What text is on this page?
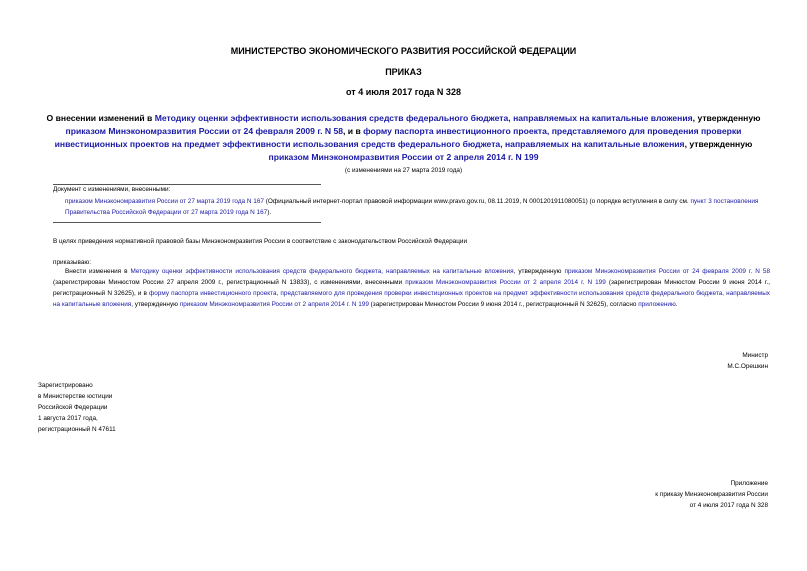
МИНИСТЕРСТВО ЭКОНОМИЧЕСКОГО РАЗВИТИЯ РОССИЙСКОЙ ФЕДЕРАЦИИ
ПРИКАЗ
от 4 июля 2017 года N 328
О внесении изменений в Методику оценки эффективности использования средств федерального бюджета, направляемых на капитальные вложения, утвержденную приказом Минэкономразвития России от 24 февраля 2009 г. N 58, и в форму паспорта инвестиционного проекта, представляемого для проведения проверки инвестиционных проектов на предмет эффективности использования средств федерального бюджета, направляемых на капитальные вложения, утвержденную приказом Минэкономразвития России от 2 апреля 2014 г. N 199
(с изменениями на 27 марта 2019 года)
Документ с изменениями, внесенными:
приказом Минэкономразвития России от 27 марта 2019 года N 167 (Официальный интернет-портал правовой информации www.pravo.gov.ru, 08.11.2019, N 0001201911080051) (о порядке вступления в силу см. пункт 3 постановления Правительства Российской Федерации от 27 марта 2019 года N 167).
В целях приведения нормативной правовой базы Минэкономразвития России в соответствие с законодательством Российской Федерации
приказываю:
Внести изменения в Методику оценки эффективности использования средств федерального бюджета, направляемых на капитальные вложения, утвержденную приказом Минэкономразвития России от 24 февраля 2009 г. N 58 (зарегистрирован Минюстом России 27 апреля 2009 г., регистрационный N 13833), с изменениями, внесенными приказом Минэкономразвития России от 2 апреля 2014 г. N 199 (зарегистрирован Минюстом России 9 июня 2014 г., регистрационный N 32625), и в форму паспорта инвестиционного проекта, представляемого для проведения проверки инвестиционных проектов на предмет эффективности использования средств федерального бюджета, направляемых на капитальные вложения, утвержденную приказом Минэкономразвития России от 2 апреля 2014 г. N 199 (зарегистрирован Минюстом России 9 июня 2014 г., регистрационный N 32625), согласно приложению.
Министр
М.С.Орешкин
Зарегистрировано
в Министерстве юстиции
Российской Федерации
1 августа 2017 года,
регистрационный N 47611
Приложение
к приказу Минэкономразвития России
от 4 июля 2017 года N 328
